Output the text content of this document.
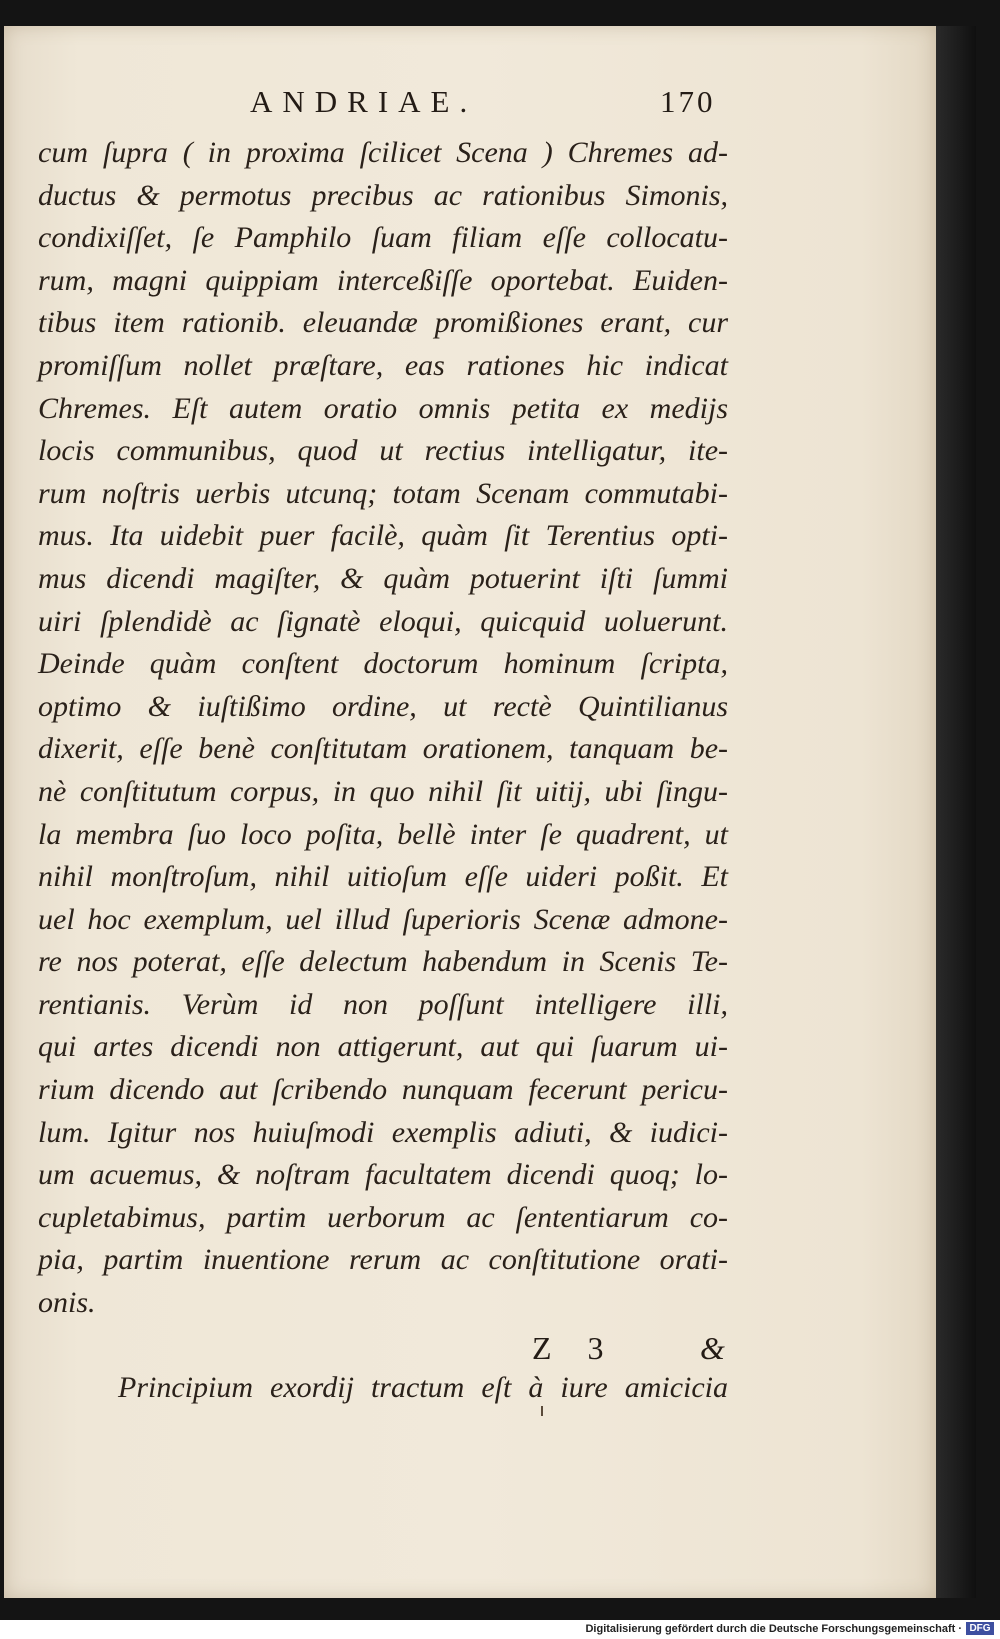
ANDRIAE.	170
cum ſupra ( in proxima ſcilicet Scena ) Chremes ad-
ductus & permotus precibus ac rationibus Simonis,
condixiſſet, ſe Pamphilo ſuam filiam eſſe collocatu-
rum, magni quippiam interceßiſſe oportebat. Euiden-
tibus item rationib. eleuandæ promißiones erant, cur
promiſſum nollet præſtare, eas rationes hic indicat
Chremes. Eſt autem oratio omnis petita ex medijs
locis communibus, quod ut rectius intelligatur, ite-
rum noſtris uerbis utcunq; totam Scenam commutabi-
mus. Ita uidebit puer facilè, quàm ſit Terentius opti-
mus dicendi magiſter, & quàm potuerint iſti ſummi
uiri ſplendidè ac ſignatè eloqui, quicquid uoluerunt.
Deinde quàm conſtent doctorum hominum ſcripta,
optimo & iuſtißimo ordine, ut rectè Quintilianus
dixerit, eſſe benè conſtitutam orationem, tanquam be-
nè conſtitutum corpus, in quo nihil ſit uitij, ubi ſingu-
la membra ſuo loco poſita, bellè inter ſe quadrent, ut
nihil monſtroſum, nihil uitioſum eſſe uideri poßit. Et
uel hoc exemplum, uel illud ſuperioris Scenæ admone-
re nos poterat, eſſe delectum habendum in Scenis Te-
rentianis. Verùm id non poſſunt intelligere illi,
qui artes dicendi non attigerunt, aut qui ſuarum ui-
rium dicendo aut ſcribendo nunquam fecerunt pericu-
lum. Igitur nos huiuſmodi exemplis adiuti, & iudici-
um acuemus, & noſtram facultatem dicendi quoq; lo-
cupletabimus, partim uerborum ac ſententiarum co-
pia, partim inuentione rerum ac conſtitutione orati-
onis.

Principium exordij tractum eſt à iure amicicia
Z 3	&
Digitalisierung gefördert durch die Deutsche Forschungsgemeinschaft · DFG
